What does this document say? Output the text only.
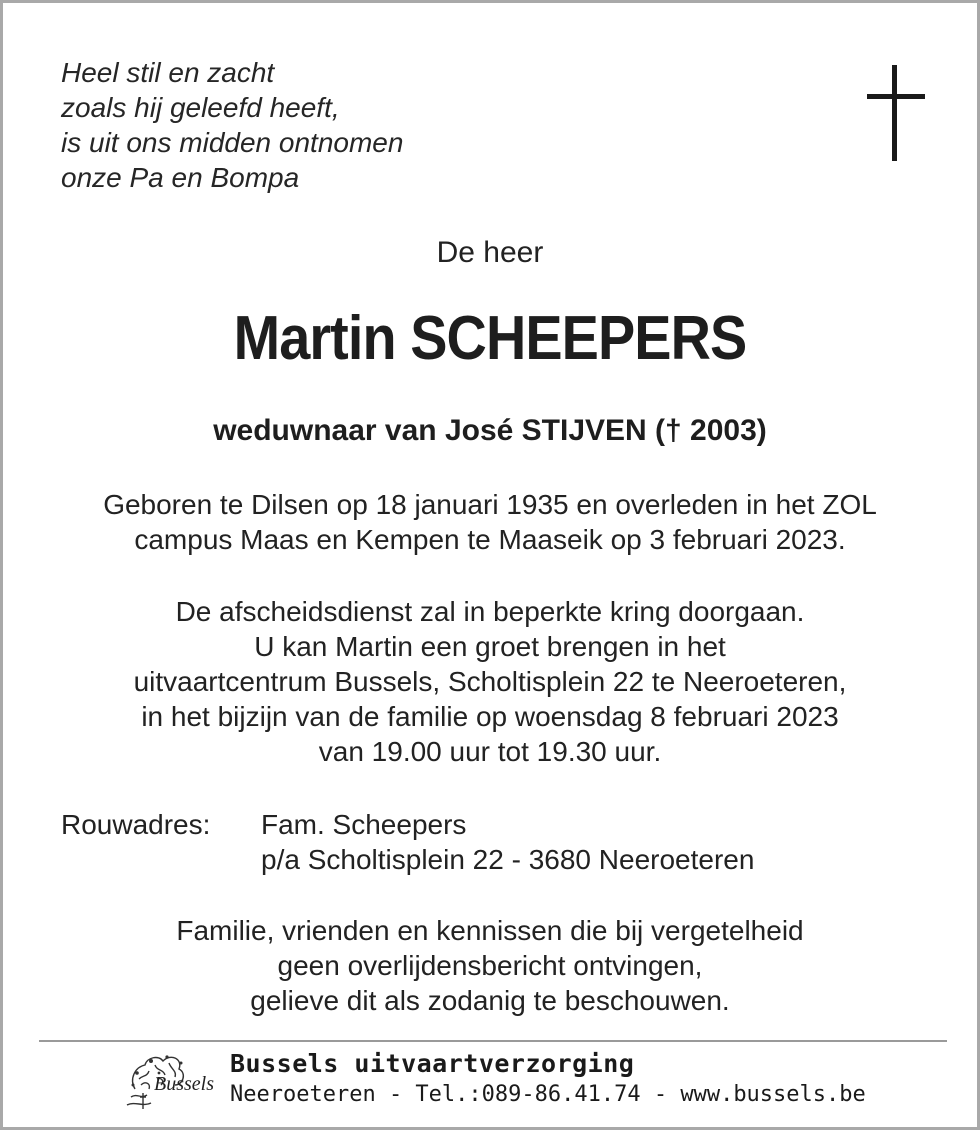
Heel stil en zacht
zoals hij geleefd heeft,
is uit ons midden ontnomen
onze Pa en Bompa
De heer
Martin SCHEEPERS
weduwnaar van José STIJVEN († 2003)
Geboren te Dilsen op 18 januari 1935 en overleden in het ZOL
campus Maas en Kempen te Maaseik op 3 februari 2023.
De afscheidsdienst zal in beperkte kring doorgaan.
U kan Martin een groet brengen in het
uitvaartcentrum Bussels, Scholtisplein 22 te Neeroeteren,
in het bijzijn van de familie op woensdag 8 februari 2023
van 19.00 uur tot 19.30 uur.
Rouwadres:	Fam. Scheepers
p/a Scholtisplein 22 - 3680 Neeroeteren
Familie, vrienden en kennissen die bij vergetelheid
geen overlijdensbericht ontvingen,
gelieve dit als zodanig te beschouwen.
Bussels
Bussels uitvaartverzorging
Neeroeteren - Tel.:089-86.41.74 - www.bussels.be
